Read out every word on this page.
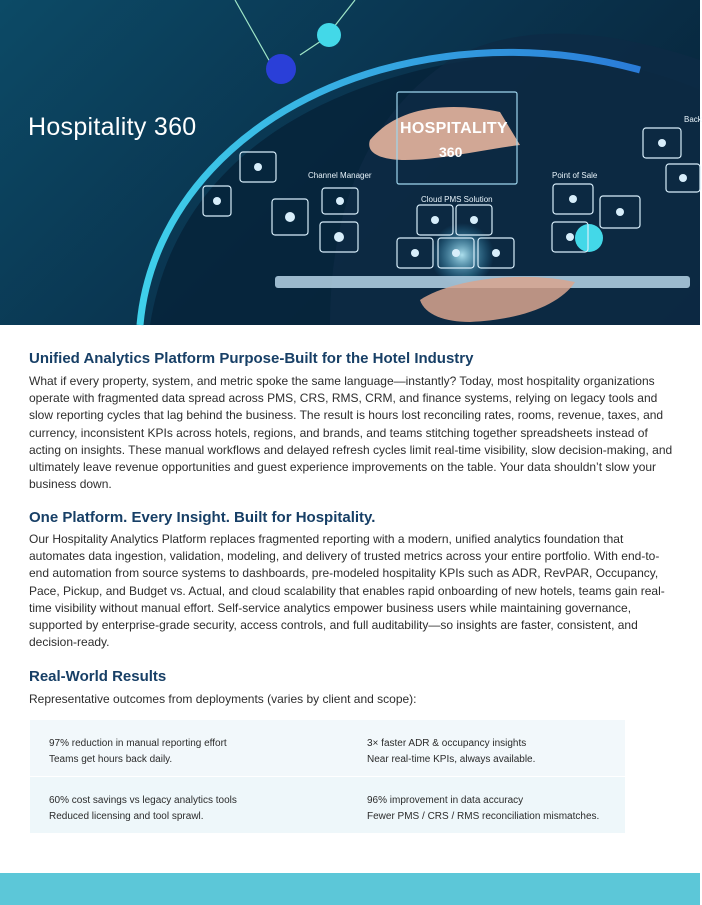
Hospitality 360
Channel Manager
Cloud PMS Solution
Point of Sale
Back
HOSPITALITY
360
Unified Analytics Platform Purpose-Built for the Hotel Industry
What if every property, system, and metric spoke the same language—instantly? Today, most hospitality organizations operate with fragmented data spread across PMS, CRS, RMS, CRM, and finance systems, relying on legacy tools and slow reporting cycles that lag behind the business. The result is hours lost reconciling rates, rooms, revenue, taxes, and currency, inconsistent KPIs across hotels, regions, and brands, and teams stitching together spreadsheets instead of acting on insights. These manual workflows and delayed refresh cycles limit real-time visibility, slow decision-making, and ultimately leave revenue opportunities and guest experience improvements on the table. Your data shouldn’t slow your business down.
One Platform. Every Insight. Built for Hospitality.
Our Hospitality Analytics Platform replaces fragmented reporting with a modern, unified analytics foundation that automates data ingestion, validation, modeling, and delivery of trusted metrics across your entire portfolio. With end-to-end automation from source systems to dashboards, pre-modeled hospitality KPIs such as ADR, RevPAR, Occupancy, Pace, Pickup, and Budget vs. Actual, and cloud scalability that enables rapid onboarding of new hotels, teams gain real-time visibility without manual effort. Self-service analytics empower business users while maintaining governance, supported by enterprise-grade security, access controls, and full auditability—so insights are faster, consistent, and decision-ready.
Real-World Results
Representative outcomes from deployments (varies by client and scope):
97% reduction in manual reporting effort
Teams get hours back daily.
3× faster ADR & occupancy insights
Near real-time KPIs, always available.
60% cost savings vs legacy analytics tools
Reduced licensing and tool sprawl.
96% improvement in data accuracy
Fewer PMS / CRS / RMS reconciliation mismatches.
